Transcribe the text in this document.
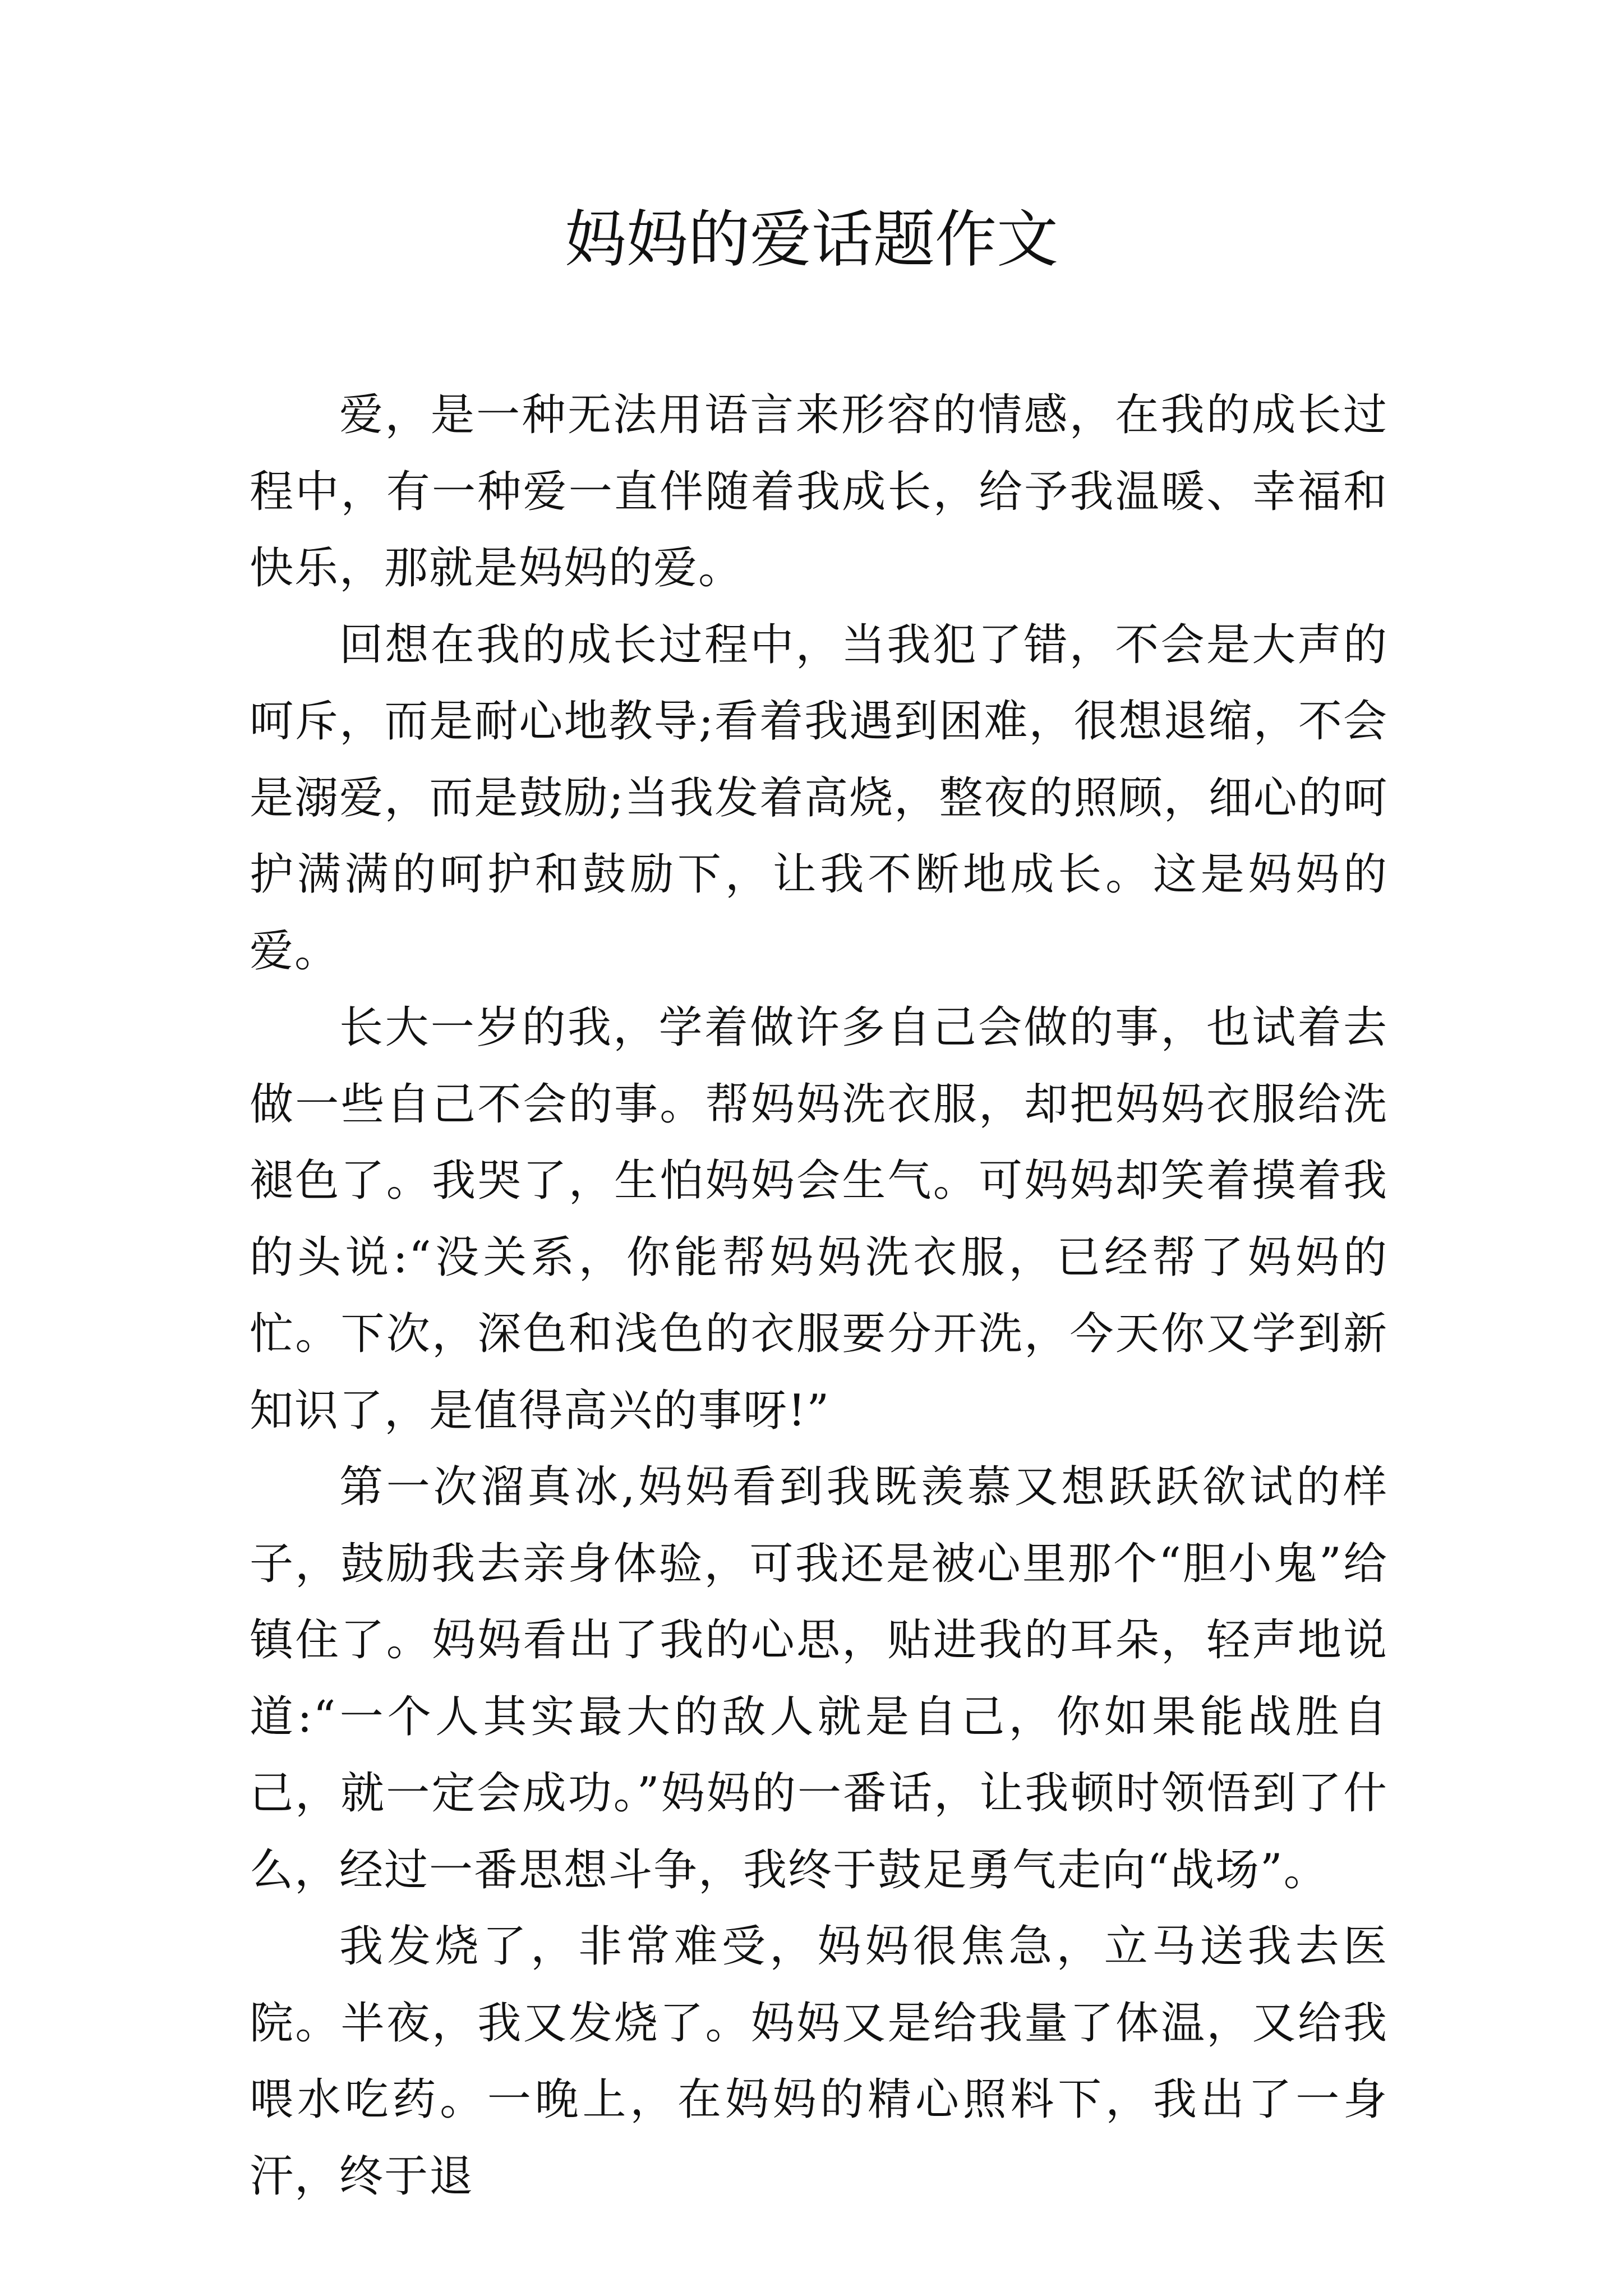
妈妈的爱话题作文

爱，是一种无法用语言来形容的情感，在我的成长过程中，有一种爱一直伴随着我成长，给予我温暖、幸福和快乐，那就是妈妈的爱。

回想在我的成长过程中，当我犯了错，不会是大声的呵斥，而是耐心地教导;看着我遇到困难，很想退缩，不会是溺爱，而是鼓励;当我发着高烧，整夜的照顾，细心的呵护满满的呵护和鼓励下，让我不断地成长。这是妈妈的爱。

长大一岁的我，学着做许多自己会做的事，也试着去做一些自己不会的事。帮妈妈洗衣服，却把妈妈衣服给洗褪色了。我哭了，生怕妈妈会生气。可妈妈却笑着摸着我的头说:“没关系，你能帮妈妈洗衣服，已经帮了妈妈的忙。下次，深色和浅色的衣服要分开洗，今天你又学到新知识了，是值得高兴的事呀!”

第一次溜真冰,妈妈看到我既羡慕又想跃跃欲试的样子，鼓励我去亲身体验，可我还是被心里那个“胆小鬼”给镇住了。妈妈看出了我的心思，贴进我的耳朵，轻声地说道:“一个人其实最大的敌人就是自己，你如果能战胜自己，就一定会成功。”妈妈的一番话，让我顿时领悟到了什么，经过一番思想斗争，我终于鼓足勇气走向“战场”。

我发烧了，非常难受，妈妈很焦急，立马送我去医院。半夜，我又发烧了。妈妈又是给我量了体温，又给我喂水吃药。一晚上，在妈妈的精心照料下，我出了一身汗，终于退
